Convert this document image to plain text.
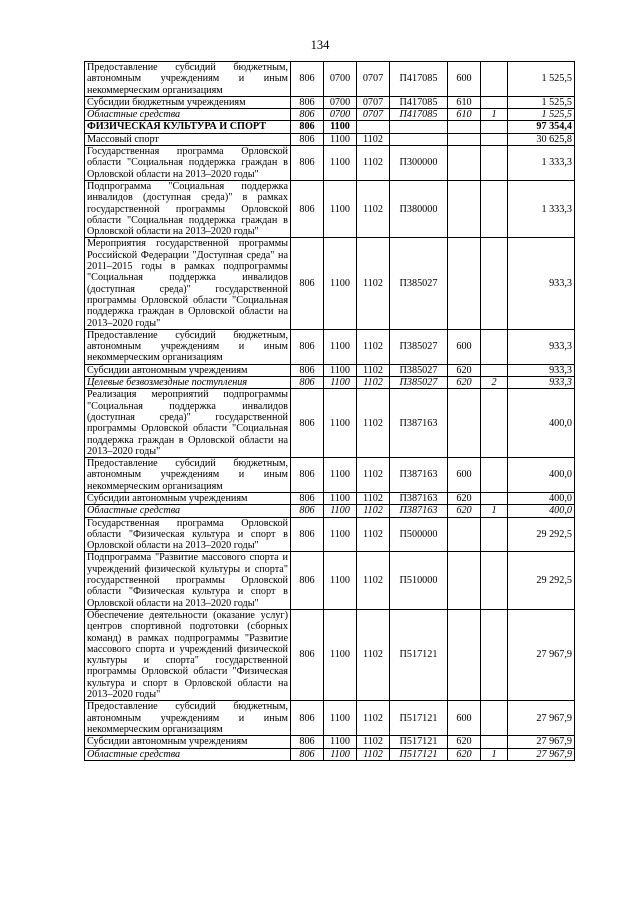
134
Предоставление субсидий бюджетным, автономным учреждениям и иным некоммерческим организациям	806	0700	0707	П417085	600		1 525,5
Субсидии бюджетным учреждениям	806	0700	0707	П417085	610		1 525,5
Областные средства	806	0700	0707	П417085	610	1	1 525,5
ФИЗИЧЕСКАЯ КУЛЬТУРА И СПОРТ	806	1100					97 354,4
Массовый спорт	806	1100	1102				30 625,8
Государственная программа Орловской области "Социальная поддержка граждан в Орловской области на 2013–2020 годы"	806	1100	1102	П300000			1 333,3
Подпрограмма "Социальная поддержка инвалидов (доступная среда)" в рамках государственной программы Орловской области "Социальная поддержка граждан в Орловской области на 2013–2020 годы"	806	1100	1102	П380000			1 333,3
Мероприятия государственной программы Российской Федерации "Доступная среда" на 2011–2015 годы в рамках подпрограммы "Социальная поддержка инвалидов (доступная среда)" государственной программы Орловской области "Социальная поддержка граждан в Орловской области на 2013–2020 годы"	806	1100	1102	П385027			933,3
Предоставление субсидий бюджетным, автономным учреждениям и иным некоммерческим организациям	806	1100	1102	П385027	600		933,3
Субсидии автономным учреждениям	806	1100	1102	П385027	620		933,3
Целевые безвозмездные поступления	806	1100	1102	П385027	620	2	933,3
Реализация мероприятий подпрограммы "Социальная поддержка инвалидов (доступная среда)" государственной программы Орловской области "Социальная поддержка граждан в Орловской области на 2013–2020 годы"	806	1100	1102	П387163			400,0
Предоставление субсидий бюджетным, автономным учреждениям и иным некоммерческим организациям	806	1100	1102	П387163	600		400,0
Субсидии автономным учреждениям	806	1100	1102	П387163	620		400,0
Областные средства	806	1100	1102	П387163	620	1	400,0
Государственная программа Орловской области "Физическая культура и спорт в Орловской области на 2013–2020 годы"	806	1100	1102	П500000			29 292,5
Подпрограмма "Развитие массового спорта и учреждений физической культуры и спорта" государственной программы Орловской области "Физическая культура и спорт в Орловской области на 2013–2020 годы"	806	1100	1102	П510000			29 292,5
Обеспечение деятельности (оказание услуг) центров спортивной подготовки (сборных команд) в рамках подпрограммы "Развитие массового спорта и учреждений физической культуры и спорта" государственной программы Орловской области "Физическая культура и спорт в Орловской области на 2013–2020 годы"	806	1100	1102	П517121			27 967,9
Предоставление субсидий бюджетным, автономным учреждениям и иным некоммерческим организациям	806	1100	1102	П517121	600		27 967,9
Субсидии автономным учреждениям	806	1100	1102	П517121	620		27 967,9
Областные средства	806	1100	1102	П517121	620	1	27 967,9
